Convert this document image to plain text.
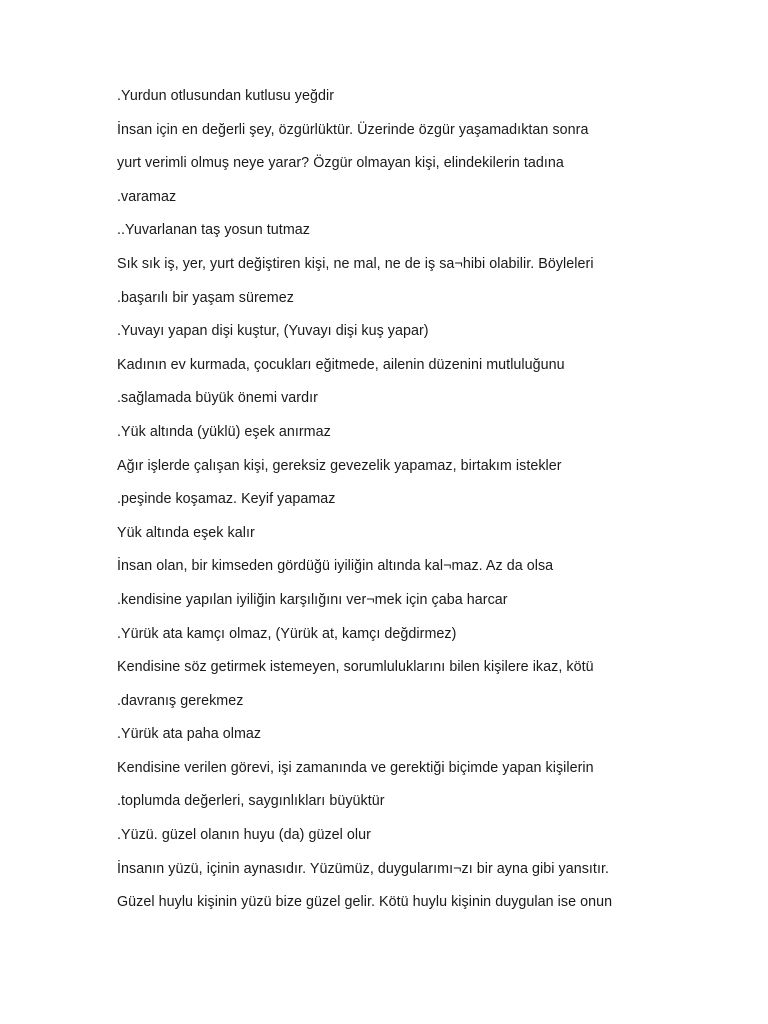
.Yurdun otlusundan kutlusu yeğdir
İnsan için en değerli şey, özgürlüktür. Üzerinde özgür yaşamadıktan sonra
yurt verimli olmuş neye yarar? Özgür olmayan kişi, elindekilerin tadına
.varamaz
..Yuvarlanan taş yosun tutmaz
Sık sık iş, yer, yurt değiştiren kişi, ne mal, ne de iş sa¬hibi olabilir. Böyleleri
.başarılı bir yaşam süremez
.Yuvayı yapan dişi kuştur, (Yuvayı dişi kuş yapar)
Kadının ev kurmada, çocukları eğitmede, ailenin düzenini mutluluğunu
.sağlamada büyük önemi vardır
.Yük altında (yüklü) eşek anırmaz
Ağır işlerde çalışan kişi, gereksiz gevezelik yapamaz, birtakım istekler
.peşinde koşamaz. Keyif yapamaz
Yük altında eşek kalır
İnsan olan, bir kimseden gördüğü iyiliğin altında kal¬maz. Az da olsa
.kendisine yapılan iyiliğin karşılığını ver¬mek için çaba harcar
.Yürük ata kamçı olmaz, (Yürük at, kamçı değdirmez)
Kendisine söz getirmek istemeyen, sorumluluklarını bilen kişilere ikaz, kötü
.davranış gerekmez
.Yürük ata paha olmaz
Kendisine verilen görevi, işi zamanında ve gerektiği biçimde yapan kişilerin
.toplumda değerleri, saygınlıkları büyüktür
.Yüzü. güzel olanın huyu (da) güzel olur
İnsanın yüzü, içinin aynasıdır. Yüzümüz, duygularımı¬zı bir ayna gibi yansıtır.
Güzel huylu kişinin yüzü bize güzel gelir. Kötü huylu kişinin duygulan ise onun
